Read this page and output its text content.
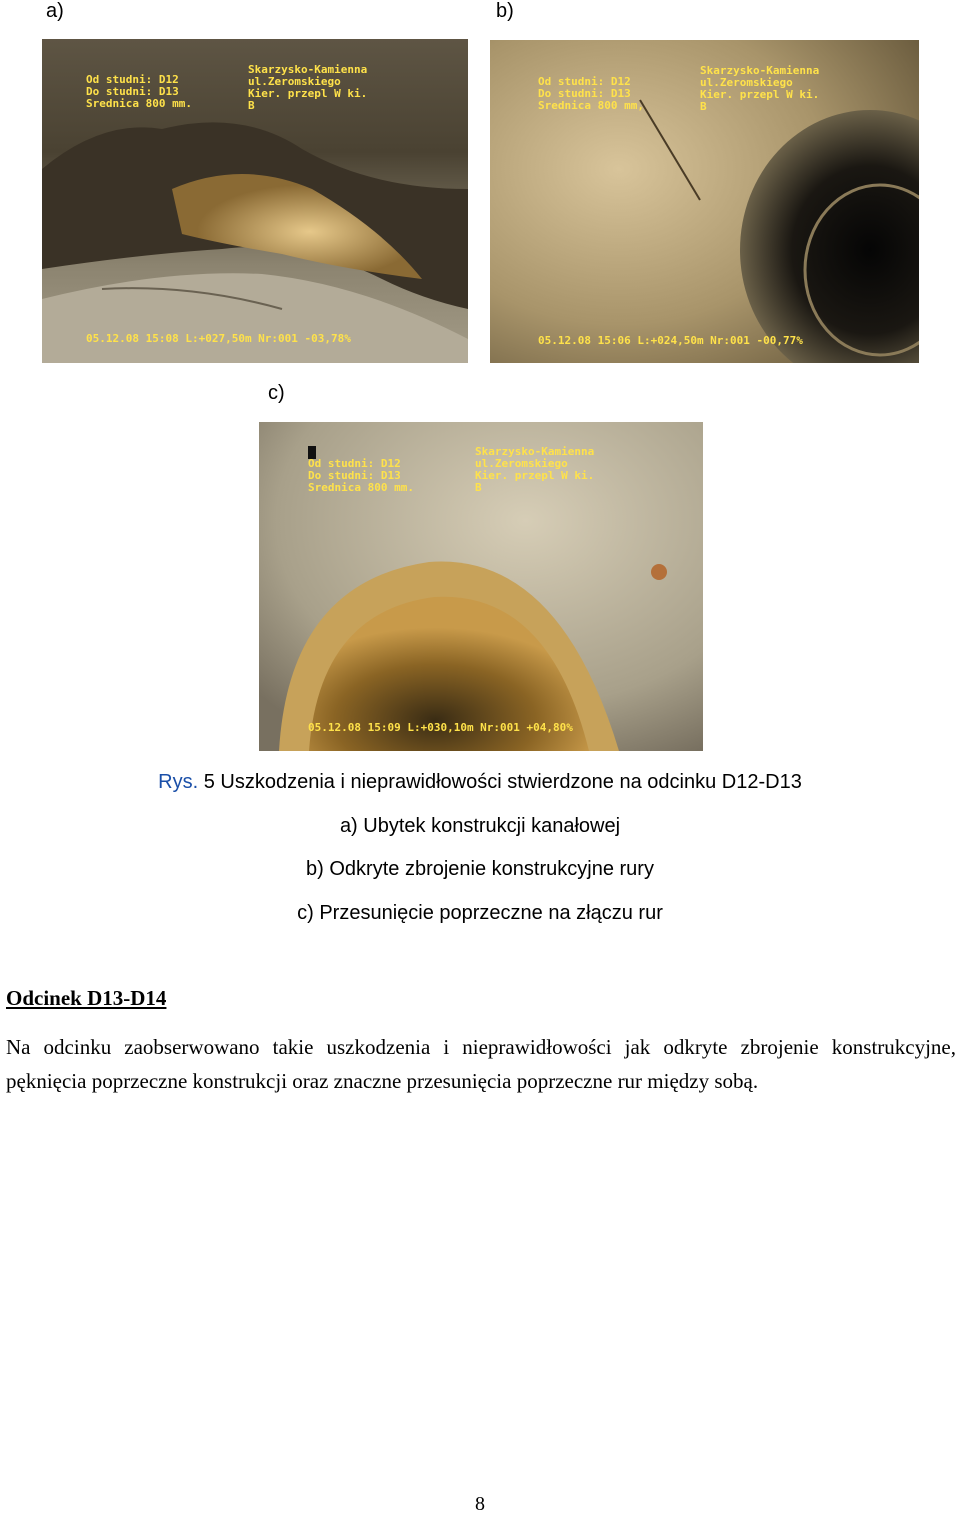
a)	b)
c)
Od studni: D12
Do studni: D13
Srednica 800 mm.
Skarzysko-Kamienna
ul.Zeromskiego
Kier. przepl W ki.
B
05.12.08 15:08 L:+027,50m Nr:001 -03,78%
Od studni: D12
Do studni: D13
Srednica 800 mm,
Skarzysko-Kamienna
ul.Zeromskiego
Kier. przepl W ki.
B
05.12.08 15:06 L:+024,50m Nr:001 -00,77%
Od studni: D12
Do studni: D13
Srednica 800 mm.
Skarzysko-Kamienna
ul.Zeromskiego
Kier. przepl W ki.
B
05.12.08 15:09 L:+030,10m Nr:001 +04,80%
Rys. 5 Uszkodzenia i nieprawidłowości stwierdzone na odcinku D12-D13
a) Ubytek konstrukcji kanałowej
b) Odkryte zbrojenie konstrukcyjne rury
c) Przesunięcie poprzeczne na złączu rur
Odcinek D13-D14
Na odcinku zaobserwowano takie uszkodzenia i nieprawidłowości jak odkryte zbrojenie konstrukcyjne, pęknięcia poprzeczne konstrukcji oraz znaczne przesunięcia poprzeczne rur między sobą.
8
